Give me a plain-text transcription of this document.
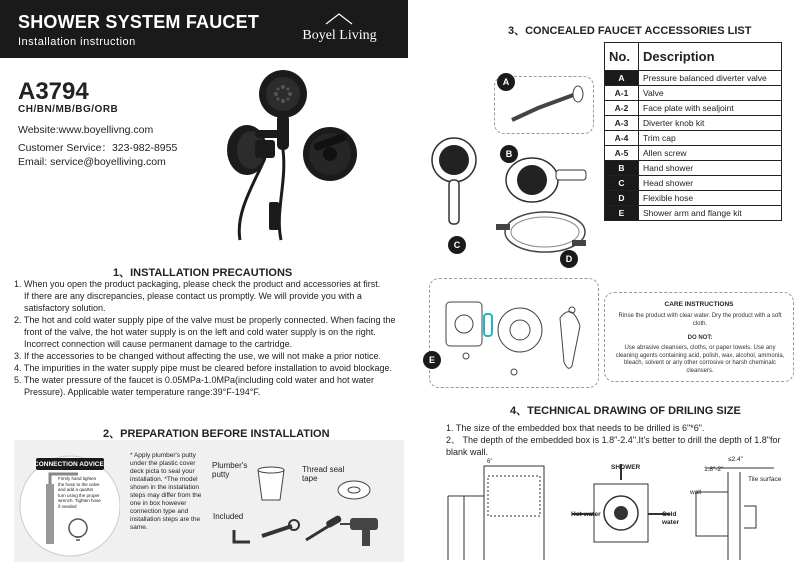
SHOWER SYSTEM FAUCET
Installation instruction	Boyel Living
A3794
CH/BN/MB/BG/ORB
Website:www.boyellivng.com
Customer Service：323-982-8955
Email: service@boyelliving.com
1、INSTALLATION PRECAUTIONS
1. When you open the product packaging, please check the product and accessories at first.
If there are any discrepancies, please contact us promptly. We will provide you with a
satisfactory solution.
2. The hot and cold water supply pipe of the valve must be properly connected. When facing the
front of the valve, the hot water supply is on the left and cold water supply is on the right.
Incorrect connection will cause permanent damage to the cartridge.
3. If the accessories to be changed without affecting the use, we will not make a prior notice.
4. The impurities in the water supply pipe must be cleared before installation to avoid blockage.
5. The water pressure of the faucet is 0.05MPa-1.0MPa(including cold water and hot water
Pressure). Applicable water temperature range:39°F-194°F.
2、PREPARATION BEFORE INSTALLATION
CONNECTION ADVICE
Firmly hand tighten the hose to the valve and add a quarter turn using the proper wrench. Tighten hose if needed
* Apply plumber's putty under the plastic cover deck picta to seal your installation. *The model shown in the installation steps may differ from the one in box however connection type and installation steps are the same.
Plumber's putty
Thread seal tape
Included
3、CONCEALED FAUCET ACCESSORIES LIST
No.	Description
A	Pressure balanced diverter valve
A-1	Valve
A-2	Face plate with sealjoint
A-3	Diverter knob kit
A-4	Trim cap
A-5	Allen screw
B	Hand shower
C	Head shower
D	Flexible hose
E	Shower arm and flange kit
A
C
B
D
E
CARE INSTRUCTIONS
Rinse the product with clear water. Dry the product with a soft cloth.
DO NOT:
Use abrasive cleansers, cloths, or paper towels. Use any cleaning agents containing acid, polish, wax, alcohol, ammonia, bleach, solvent or any other corrosive or harsh cheminalc cleansers.
4、TECHNICAL DRAWING OF DRILING SIZE
1. The size of the embedded box that needs to be drilled is 6"*6".
2、 The depth of the embedded box is 1.8"-2.4".It's better to drill the depth of 1.8"for
blank wall.
6"
SHOWER
Hot water	Cold water
wall
Tile surface
1.8"-2"
≤2.4"
